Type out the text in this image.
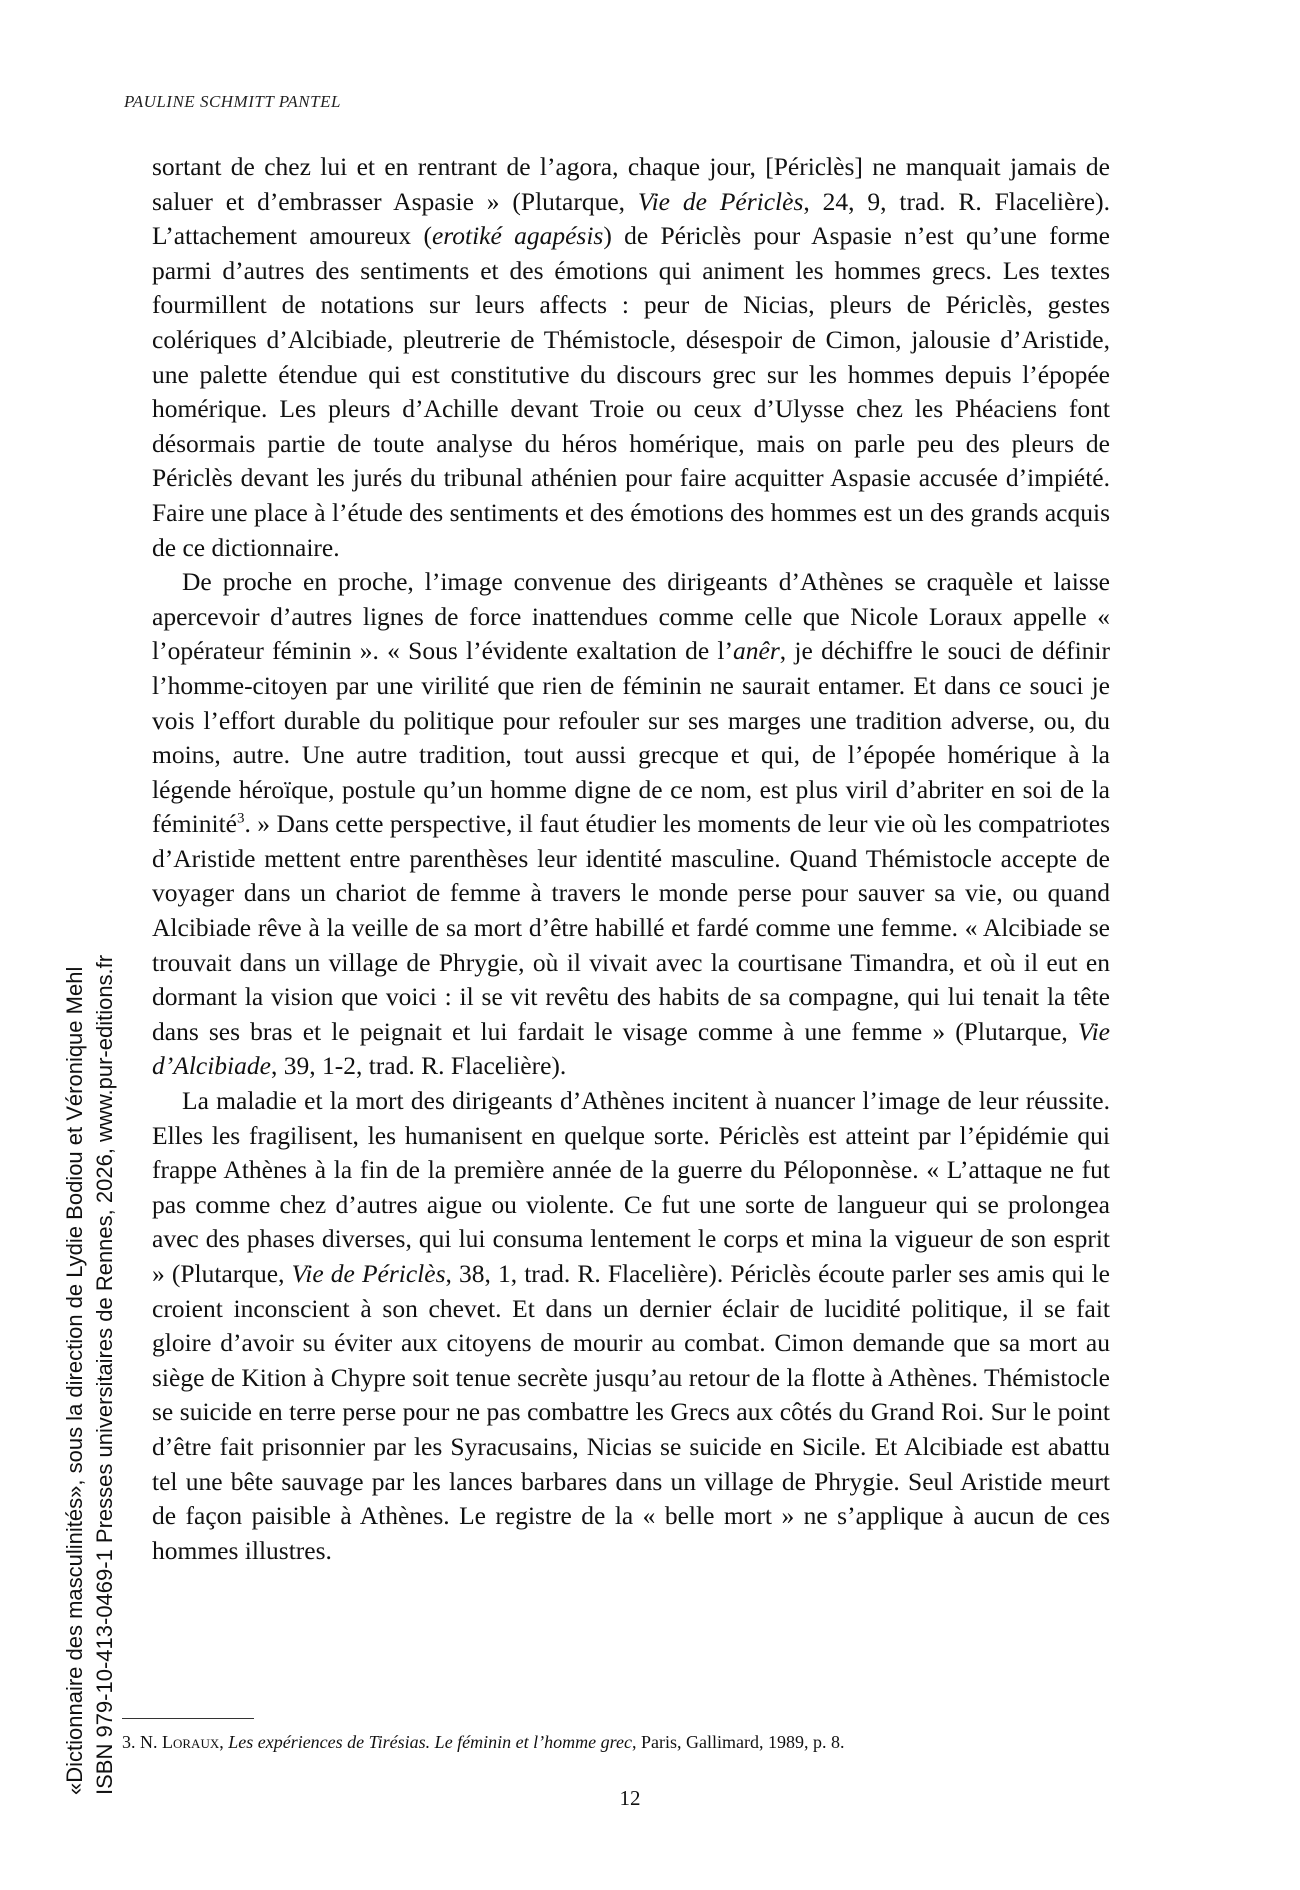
PAULINE SCHMITT PANTEL

sortant de chez lui et en rentrant de l’agora, chaque jour, [Périclès] ne manquait jamais de saluer et d’embrasser Aspasie » (Plutarque, Vie de Périclès, 24, 9, trad. R. Flacelière). L’attachement amoureux (erotiké agapésis) de Périclès pour Aspasie n’est qu’une forme parmi d’autres des sentiments et des émotions qui animent les hommes grecs. Les textes fourmillent de notations sur leurs affects : peur de Nicias, pleurs de Périclès, gestes colériques d’Alcibiade, pleutrerie de Thémistocle, désespoir de Cimon, jalousie d’Aristide, une palette étendue qui est constitutive du discours grec sur les hommes depuis l’épopée homérique. Les pleurs d’Achille devant Troie ou ceux d’Ulysse chez les Phéaciens font désormais partie de toute analyse du héros homérique, mais on parle peu des pleurs de Périclès devant les jurés du tribunal athénien pour faire acquitter Aspasie accusée d’impiété. Faire une place à l’étude des sentiments et des émotions des hommes est un des grands acquis de ce dictionnaire.

De proche en proche, l’image convenue des dirigeants d’Athènes se craquèle et laisse apercevoir d’autres lignes de force inattendues comme celle que Nicole Loraux appelle « l’opérateur féminin ». « Sous l’évidente exaltation de l’anêr, je déchiffre le souci de définir l’homme-citoyen par une virilité que rien de féminin ne saurait entamer. Et dans ce souci je vois l’effort durable du politique pour refouler sur ses marges une tradition adverse, ou, du moins, autre. Une autre tradition, tout aussi grecque et qui, de l’épopée homérique à la légende héroïque, postule qu’un homme digne de ce nom, est plus viril d’abriter en soi de la féminité$^3$. » Dans cette perspective, il faut étudier les moments de leur vie où les compatriotes d’Aristide mettent entre parenthèses leur identité masculine. Quand Thémistocle accepte de voyager dans un chariot de femme à travers le monde perse pour sauver sa vie, ou quand Alcibiade rêve à la veille de sa mort d’être habillé et fardé comme une femme. « Alcibiade se trouvait dans un village de Phrygie, où il vivait avec la courtisane Timandra, et où il eut en dormant la vision que voici : il se vit revêtu des habits de sa compagne, qui lui tenait la tête dans ses bras et le peignait et lui fardait le visage comme à une femme » (Plutarque, Vie d’Alcibiade, 39, 1-2, trad. R. Flacelière).

La maladie et la mort des dirigeants d’Athènes incitent à nuancer l’image de leur réussite. Elles les fragilisent, les humanisent en quelque sorte. Périclès est atteint par l’épidémie qui frappe Athènes à la fin de la première année de la guerre du Péloponnèse. « L’attaque ne fut pas comme chez d’autres aigue ou violente. Ce fut une sorte de langueur qui se prolongea avec des phases diverses, qui lui consuma lentement le corps et mina la vigueur de son esprit » (Plutarque, Vie de Périclès, 38, 1, trad. R. Flacelière). Périclès écoute parler ses amis qui le croient inconscient à son chevet. Et dans un dernier éclair de lucidité politique, il se fait gloire d’avoir su éviter aux citoyens de mourir au combat. Cimon demande que sa mort au siège de Kition à Chypre soit tenue secrète jusqu’au retour de la flotte à Athènes. Thémistocle se suicide en terre perse pour ne pas combattre les Grecs aux côtés du Grand Roi. Sur le point d’être fait prisonnier par les Syracusains, Nicias se suicide en Sicile. Et Alcibiade est abattu tel une bête sauvage par les lances barbares dans un village de Phrygie. Seul Aristide meurt de façon paisible à Athènes. Le registre de la « belle mort » ne s’applique à aucun de ces hommes illustres.

3. N. Loraux, Les expériences de Tirésias. Le féminin et l’homme grec, Paris, Gallimard, 1989, p. 8.
12
«Dictionnaire des masculinités», sous la direction de Lydie Bodiou et Véronique Mehl ISBN 979-10-413-0469-1 Presses universitaires de Rennes, 2026, www.pur-editions.fr
